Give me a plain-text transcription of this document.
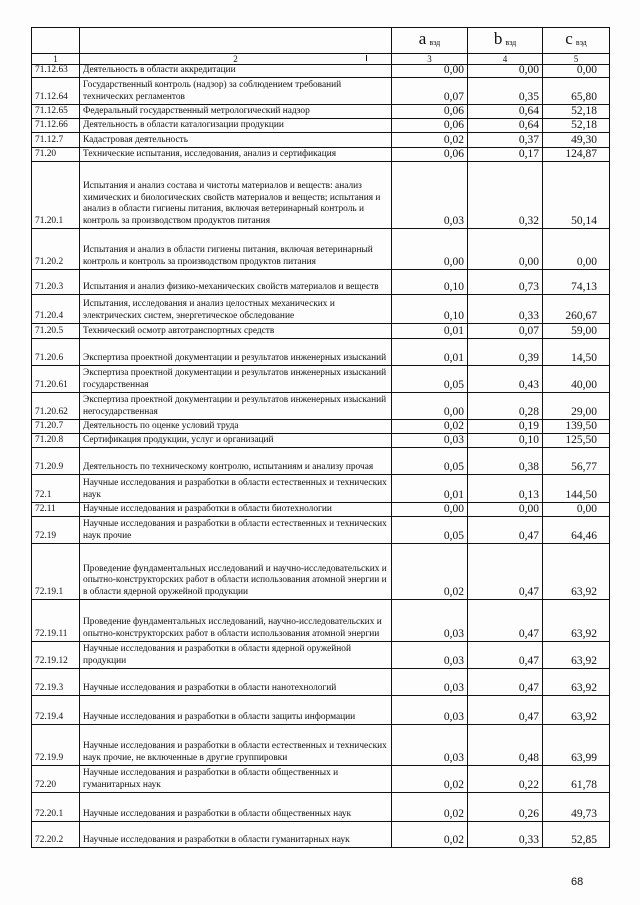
		a $_{вэд}$	b $_{вэд}$	c $_{вэд}$
1	2	3	4	5
71.12.63	Деятельность в области аккредитации	0,00	0,00	0,00
71.12.64	Государственный контроль (надзор) за соблюдением требований технических регламентов	0,07	0,35	65,80
71.12.65	Федеральный государственный метрологический надзор	0,06	0,64	52,18
71.12.66	Деятельность в области каталогизации продукции	0,06	0,64	52,18
71.12.7	Кадастровая деятельность	0,02	0,37	49,30
71.20	Технические испытания, исследования, анализ и сертификация	0,06	0,17	124,87
71.20.1	Испытания и анализ состава и чистоты материалов и веществ: анализ химических и биологических свойств материалов и веществ; испытания и анализ в области гигиены питания, включая ветеринарный контроль и контроль за производством продуктов питания	0,03	0,32	50,14
71.20.2	Испытания и анализ в области гигиены питания, включая ветеринарный контроль и контроль за производством продуктов питания	0,00	0,00	0,00
71.20.3	Испытания и анализ физико-механических свойств материалов и веществ	0,10	0,73	74,13
71.20.4	Испытания, исследования и анализ целостных механических и электрических систем, энергетическое обследование	0,10	0,33	260,67
71.20.5	Технический осмотр автотранспортных средств	0,01	0,07	59,00
71.20.6	Экспертиза проектной документации и результатов инженерных изысканий	0,01	0,39	14,50
71.20.61	Экспертиза проектной документации и результатов инженерных изысканий государственная	0,05	0,43	40,00
71.20.62	Экспертиза проектной документации и результатов инженерных изысканий негосударственная	0,00	0,28	29,00
71.20.7	Деятельность по оценке условий труда	0,02	0,19	139,50
71.20.8	Сертификация продукции, услуг и организаций	0,03	0,10	125,50
71.20.9	Деятельность по техническому контролю, испытаниям и анализу прочая	0,05	0,38	56,77
72.1	Научные исследования и разработки в области естественных и технических наук	0,01	0,13	144,50
72.11	Научные исследования и разработки в области биотехнологии	0,00	0,00	0,00
72.19	Научные исследования и разработки в области естественных и технических наук прочие	0,05	0,47	64,46
72.19.1	Проведение фундаментальных исследований и научно-исследовательских и опытно-конструкторских работ в области использования атомной энергии и в области ядерной оружейной продукции	0,02	0,47	63,92
72.19.11	Проведение фундаментальных исследований, научно-исследовательских и опытно-конструкторских работ в области использования атомной энергии	0,03	0,47	63,92
72.19.12	Научные исследования и разработки в области ядерной оружейной продукции	0,03	0,47	63,92
72.19.3	Научные исследования и разработки в области нанотехнологий	0,03	0,47	63,92
72.19.4	Научные исследования и разработки в области защиты информации	0,03	0,47	63,92
72.19.9	Научные исследования и разработки в области естественных и технических наук прочие, не включенные в другие группировки	0,03	0,48	63,99
72.20	Научные исследования и разработки в области общественных и гуманитарных наук	0,02	0,22	61,78
72.20.1	Научные исследования и разработки в области общественных наук	0,02	0,26	49,73
72.20.2	Научные исследования и разработки в области гуманитарных наук	0,02	0,33	52,85
68
